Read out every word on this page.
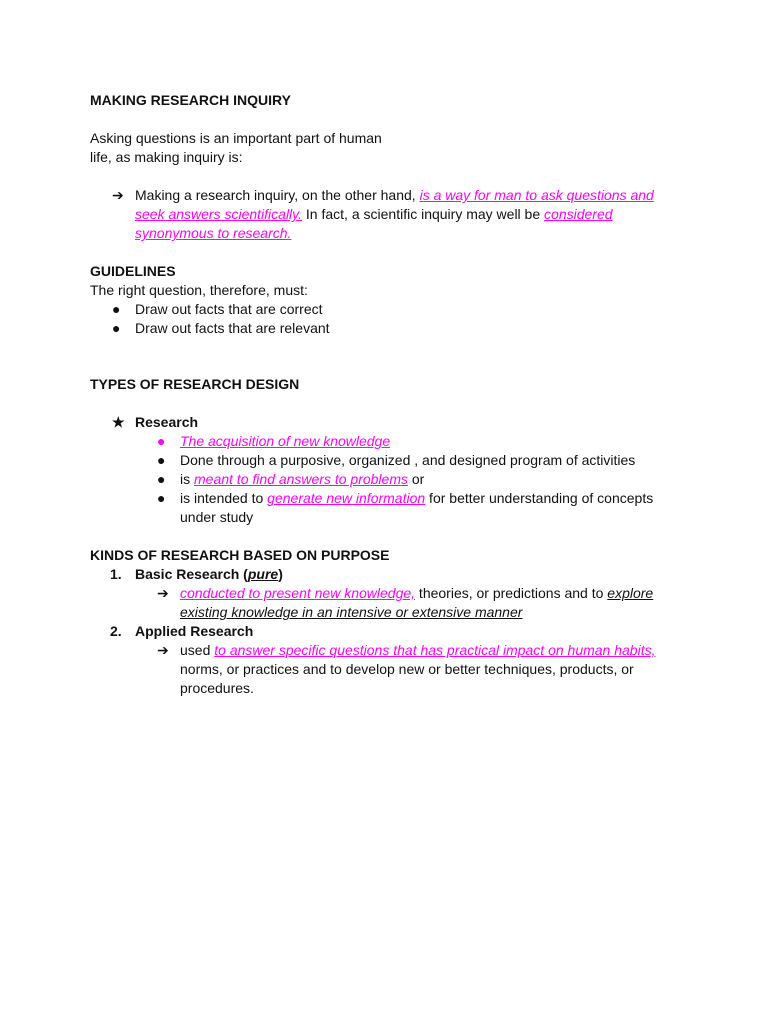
MAKING RESEARCH INQUIRY
Asking questions is an important part of human
life, as making inquiry is:
➔ Making a research inquiry, on the other hand, is a way for man to ask questions and seek answers scientifically. In fact, a scientific inquiry may well be considered synonymous to research.
GUIDELINES
The right question, therefore, must:
●	Draw out facts that are correct
●	Draw out facts that are relevant
TYPES OF RESEARCH DESIGN
★ Research
●	The acquisition of new knowledge
●	Done through a purposive, organized , and designed program of activities
●	is meant to find answers to problems or
●	is intended to generate new information for better understanding of concepts under study
KINDS OF RESEARCH BASED ON PURPOSE
1. Basic Research (pure)
➔ conducted to present new knowledge, theories, or predictions and to explore existing knowledge in an intensive or extensive manner
2. Applied Research
➔ used to answer specific questions that has practical impact on human habits, norms, or practices and to develop new or better techniques, products, or procedures.
